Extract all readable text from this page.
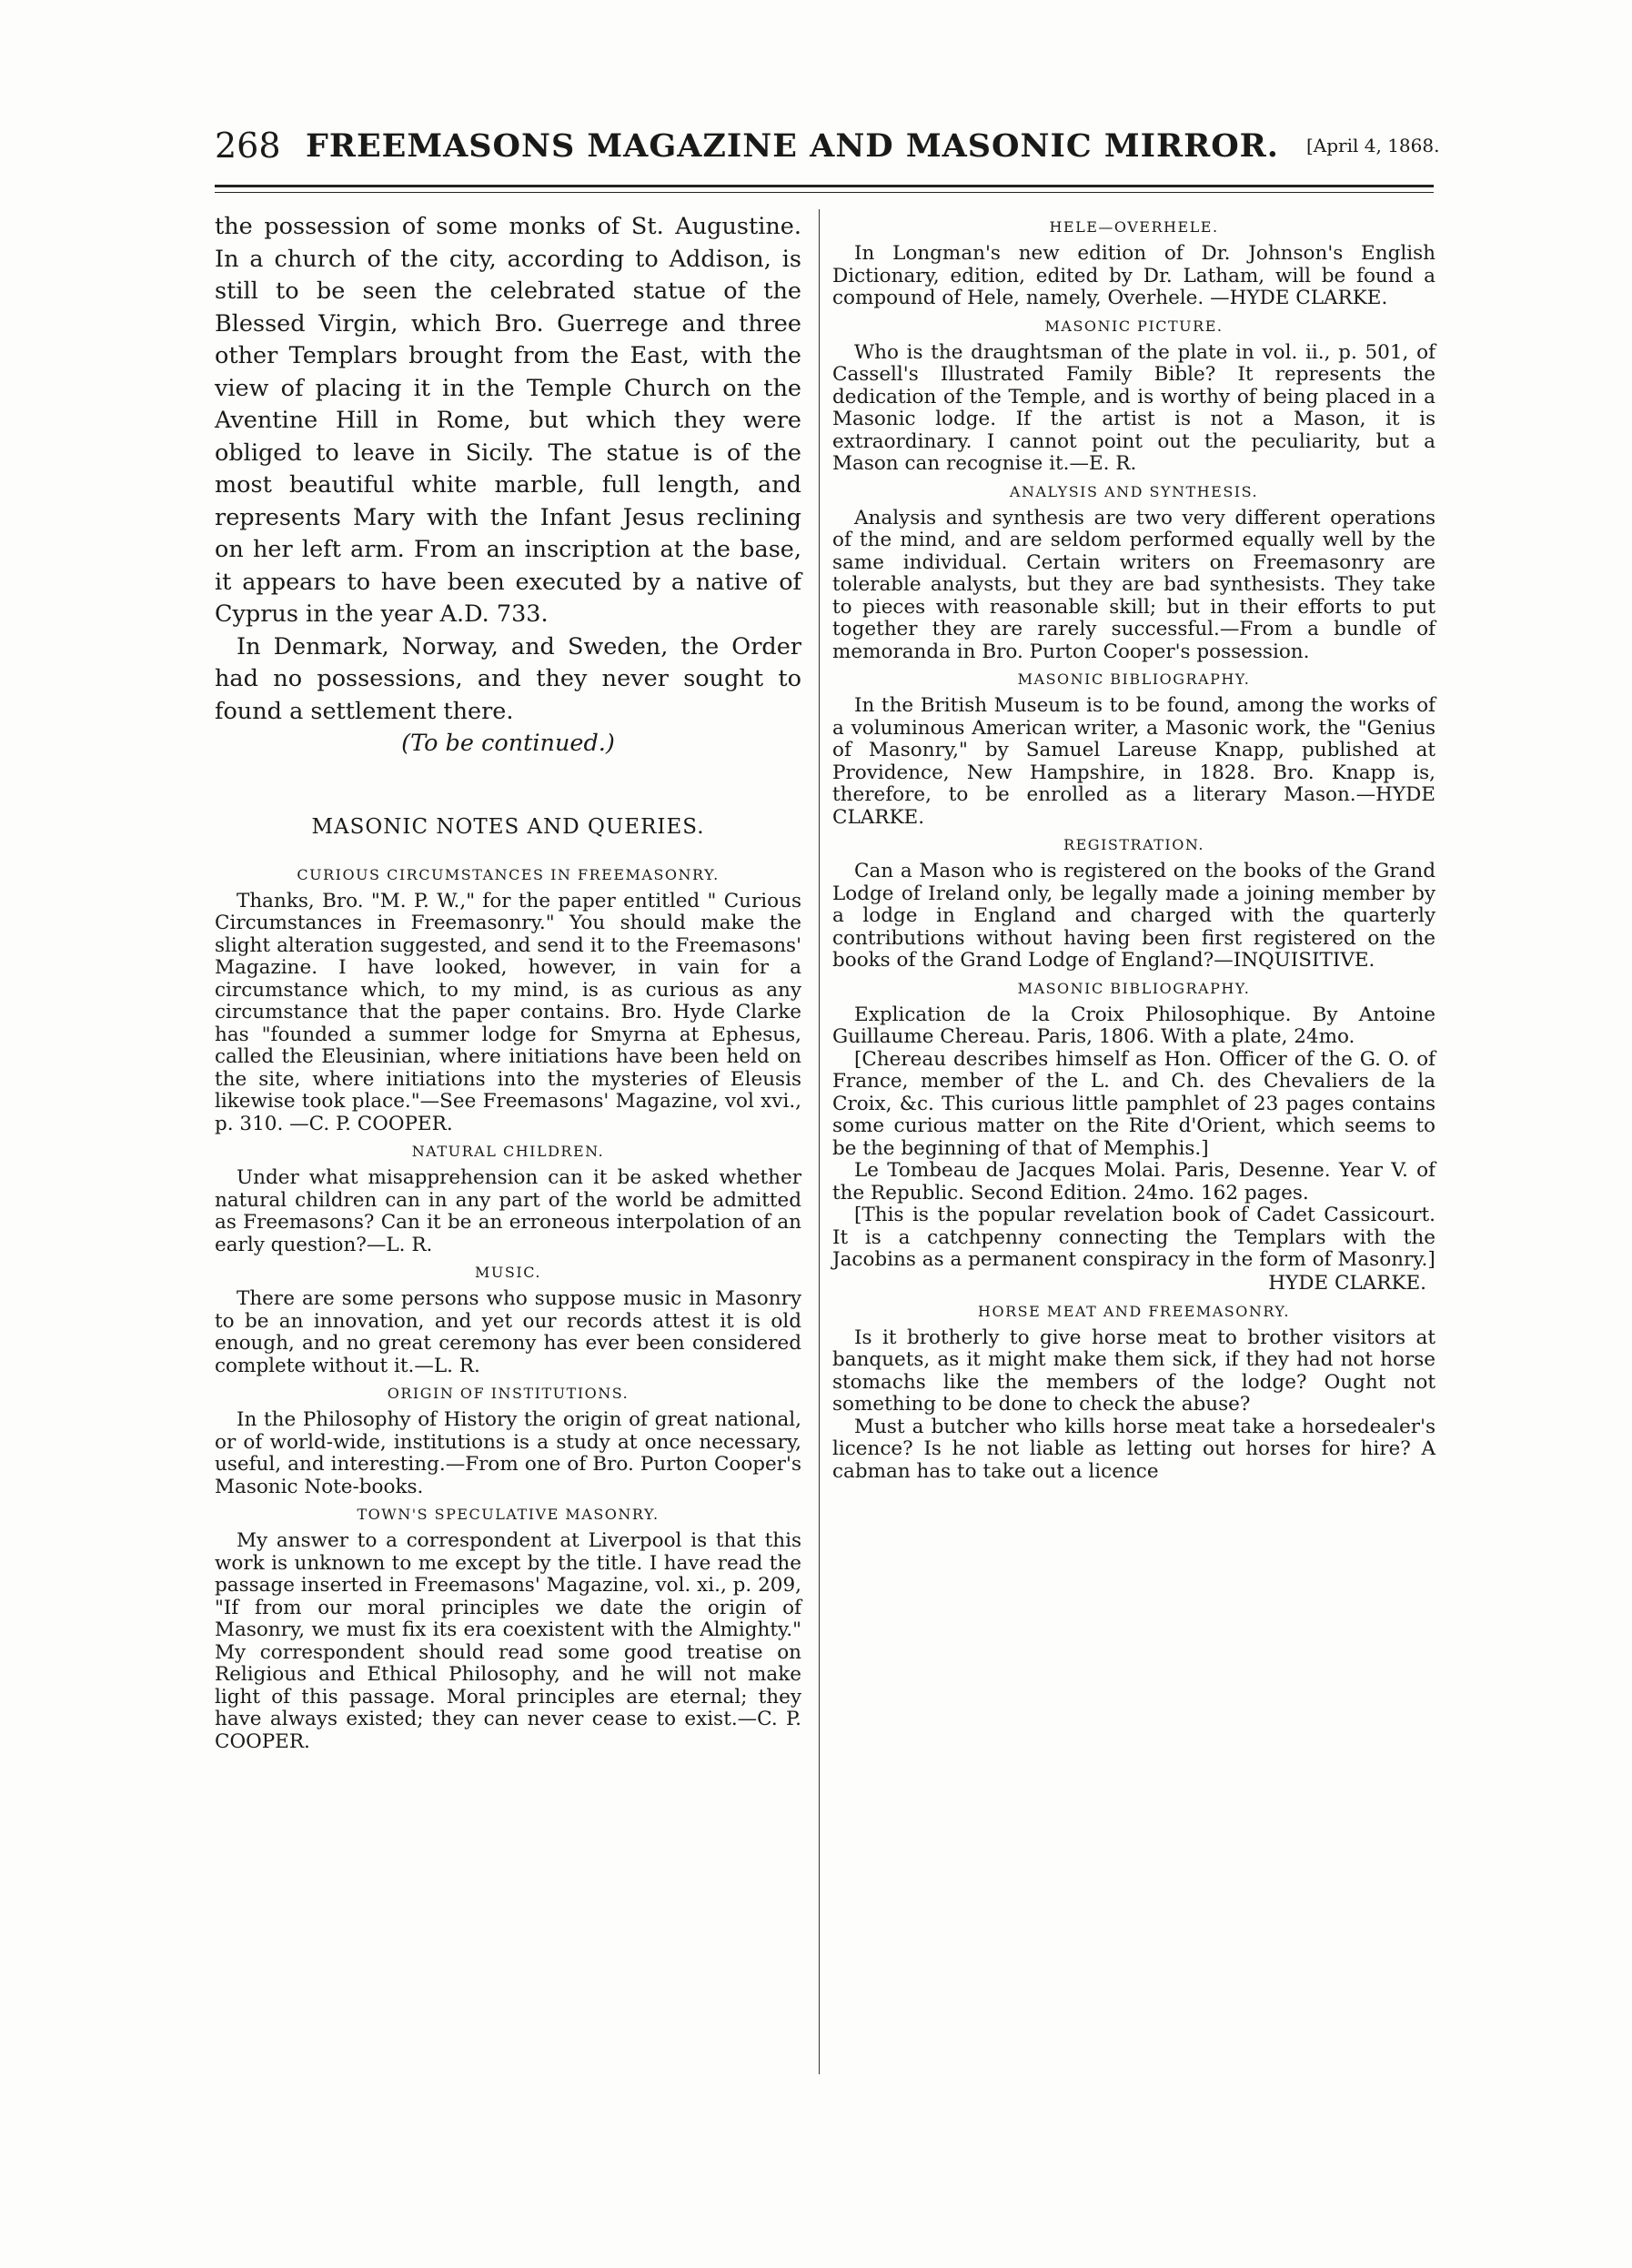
268 FREEMASONS MAGAZINE AND MASONIC MIRROR.	[April 4, 1868.

the possession of some monks of St. Augustine. In a church of the city, according to Addison, is still to be seen the celebrated statue of the Blessed Virgin, which Bro. Guerrege and three other Templars brought from the East, with the view of placing it in the Temple Church on the Aventine Hill in Rome, but which they were obliged to leave in Sicily. The statue is of the most beautiful white marble, full length, and represents Mary with the Infant Jesus reclining on her left arm. From an inscription at the base, it appears to have been executed by a native of Cyprus in the year A.D. 733.

In Denmark, Norway, and Sweden, the Order had no possessions, and they never sought to found a settlement there.

(To be continued.)
MASONIC NOTES AND QUERIES.
CURIOUS CIRCUMSTANCES IN FREEMASONRY.

Thanks, Bro. "M. P. W.," for the paper entitled " Curious Circumstances in Freemasonry." You should make the slight alteration suggested, and send it to the Freemasons' Magazine. I have looked, however, in vain for a circumstance which, to my mind, is as curious as any circumstance that the paper contains. Bro. Hyde Clarke has "founded a summer lodge for Smyrna at Ephesus, called the Eleusinian, where initiations have been held on the site, where initiations into the mysteries of Eleusis likewise took place."—See Freemasons' Magazine, vol xvi., p. 310. —C. P. COOPER.

NATURAL CHILDREN.

Under what misapprehension can it be asked whether natural children can in any part of the world be admitted as Freemasons? Can it be an erroneous interpolation of an early question?—L. R.

MUSIC.

There are some persons who suppose music in Masonry to be an innovation, and yet our records attest it is old enough, and no great ceremony has ever been considered complete without it.—L. R.

ORIGIN OF INSTITUTIONS.

In the Philosophy of History the origin of great national, or of world-wide, institutions is a study at once necessary, useful, and interesting.—From one of Bro. Purton Cooper's Masonic Note-books.

TOWN'S SPECULATIVE MASONRY.

My answer to a correspondent at Liverpool is that this work is unknown to me except by the title. I have read the passage inserted in Freemasons' Magazine, vol. xi., p. 209, "If from our moral principles we date the origin of Masonry, we must fix its era coexistent with the Almighty." My correspondent should read some good treatise on Religious and Ethical Philosophy, and he will not make light of this passage. Moral principles are eternal; they have always existed; they can never cease to exist.—C. P. COOPER.

HELE—OVERHELE.

In Longman's new edition of Dr. Johnson's English Dictionary, edition, edited by Dr. Latham, will be found a compound of Hele, namely, Overhele. —HYDE CLARKE.

MASONIC PICTURE.

Who is the draughtsman of the plate in vol. ii., p. 501, of Cassell's Illustrated Family Bible? It represents the dedication of the Temple, and is worthy of being placed in a Masonic lodge. If the artist is not a Mason, it is extraordinary. I cannot point out the peculiarity, but a Mason can recognise it.—E. R.

ANALYSIS AND SYNTHESIS.

Analysis and synthesis are two very different operations of the mind, and are seldom performed equally well by the same individual. Certain writers on Freemasonry are tolerable analysts, but they are bad synthesists. They take to pieces with reasonable skill; but in their efforts to put together they are rarely successful.—From a bundle of memoranda in Bro. Purton Cooper's possession.

MASONIC BIBLIOGRAPHY.

In the British Museum is to be found, among the works of a voluminous American writer, a Masonic work, the "Genius of Masonry," by Samuel Lareuse Knapp, published at Providence, New Hampshire, in 1828. Bro. Knapp is, therefore, to be enrolled as a literary Mason.—HYDE CLARKE.

REGISTRATION.

Can a Mason who is registered on the books of the Grand Lodge of Ireland only, be legally made a joining member by a lodge in England and charged with the quarterly contributions without having been first registered on the books of the Grand Lodge of England?—INQUISITIVE.

MASONIC BIBLIOGRAPHY.

Explication de la Croix Philosophique. By Antoine Guillaume Chereau. Paris, 1806. With a plate, 24mo.

[Chereau describes himself as Hon. Officer of the G. O. of France, member of the L. and Ch. des Chevaliers de la Croix, &c. This curious little pamphlet of 23 pages contains some curious matter on the Rite d'Orient, which seems to be the beginning of that of Memphis.]

Le Tombeau de Jacques Molai. Paris, Desenne. Year V. of the Republic. Second Edition. 24mo. 162 pages.

[This is the popular revelation book of Cadet Cassicourt. It is a catchpenny connecting the Templars with the Jacobins as a permanent conspiracy in the form of Masonry.]

HYDE CLARKE.
HORSE MEAT AND FREEMASONRY.

Is it brotherly to give horse meat to brother visitors at banquets, as it might make them sick, if they had not horse stomachs like the members of the lodge? Ought not something to be done to check the abuse?

Must a butcher who kills horse meat take a horsedealer's licence? Is he not liable as letting out horses for hire? A cabman has to take out a licence
